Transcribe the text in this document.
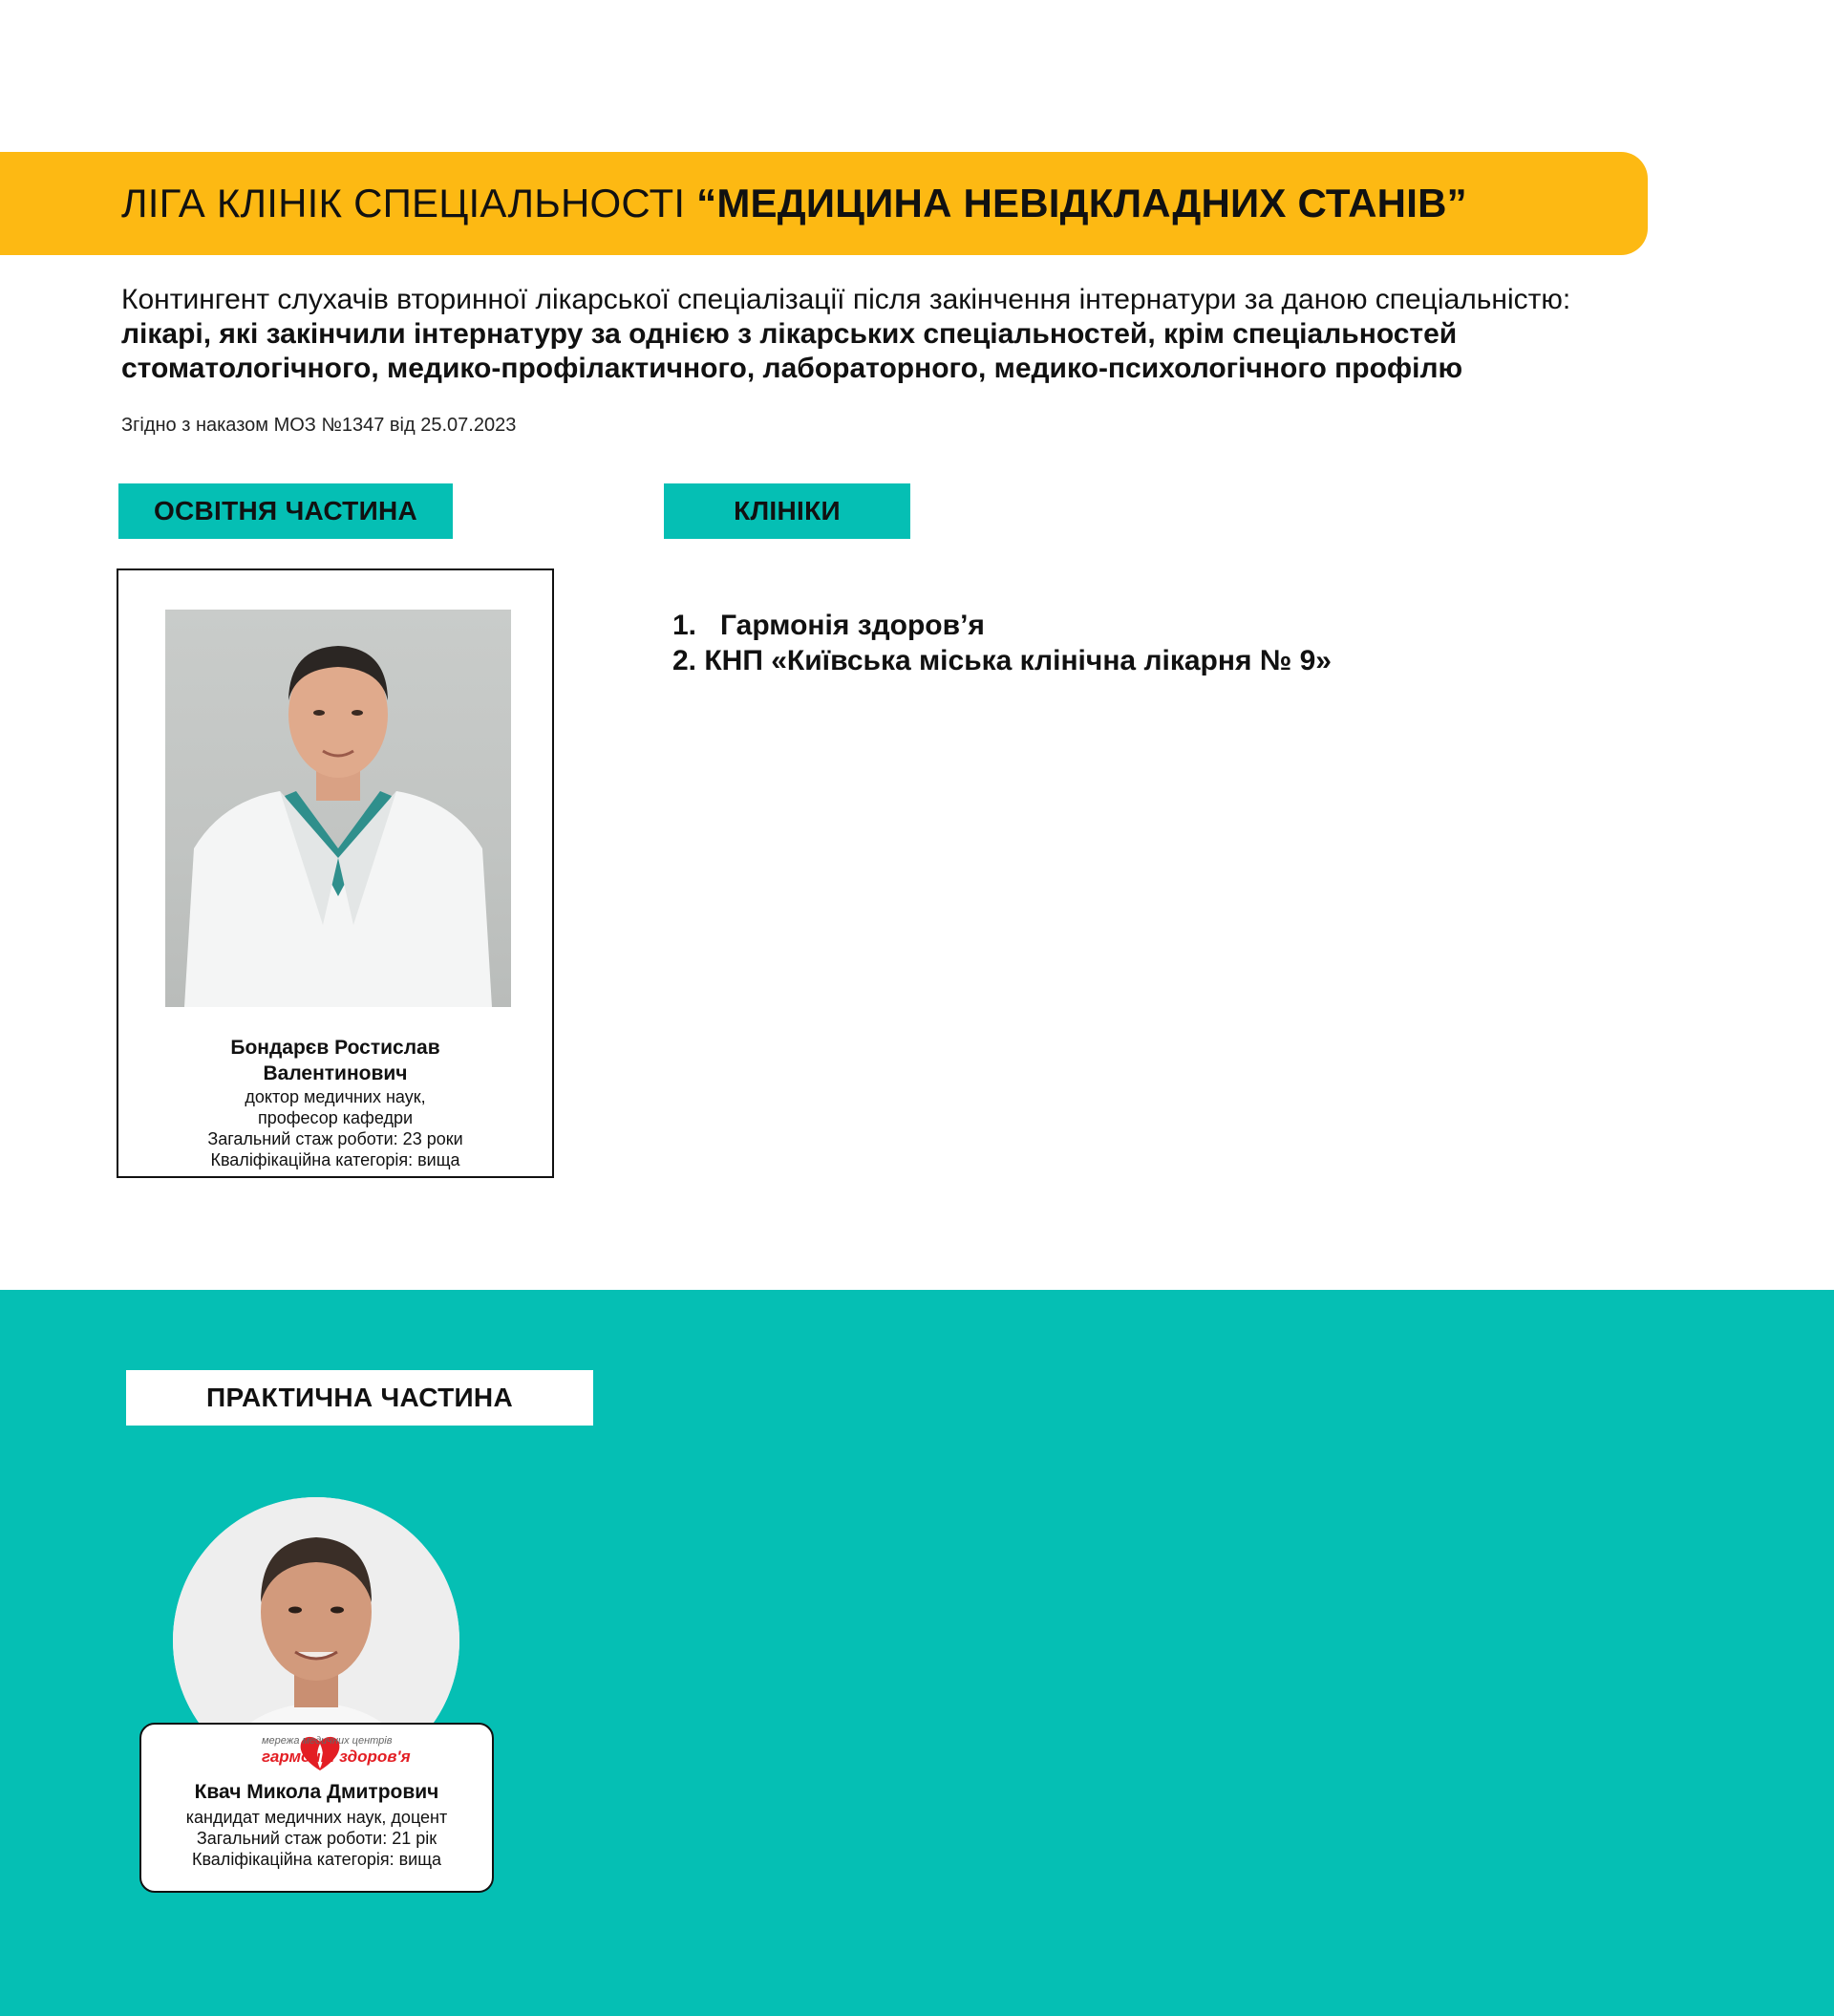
ЛІГА КЛІНІК СПЕЦІАЛЬНОСТІ “МЕДИЦИНА НЕВІДКЛАДНИХ СТАНІВ”
Контингент слухачів вторинної лікарської спеціалізації після закінчення інтернатури за даною спеціальністю:
лікарі, які закінчили інтернатуру за однією з лікарських спеціальностей, крім спеціальностей
стоматологічного, медико-профілактичного, лабораторного, медико-психологічного профілю
Згідно з наказом МОЗ №1347 від 25.07.2023
ОСВІТНЯ ЧАСТИНА	КЛІНІКИ
Бондарєв Ростислав
Валентинович
доктор медичних наук,
професор кафедри
Загальний стаж роботи: 23 роки
Кваліфікаційна категорія: вища
1. Гармонія здоров’я
2. КНП «Київська міська клінічна лікарня № 9»
ПРАКТИЧНА ЧАСТИНА
мережа медичних центрів
гармонія здоров'я
Квач Микола Дмитрович
кандидат медичних наук, доцент
Загальний стаж роботи: 21 рік
Кваліфікаційна категорія: вища
